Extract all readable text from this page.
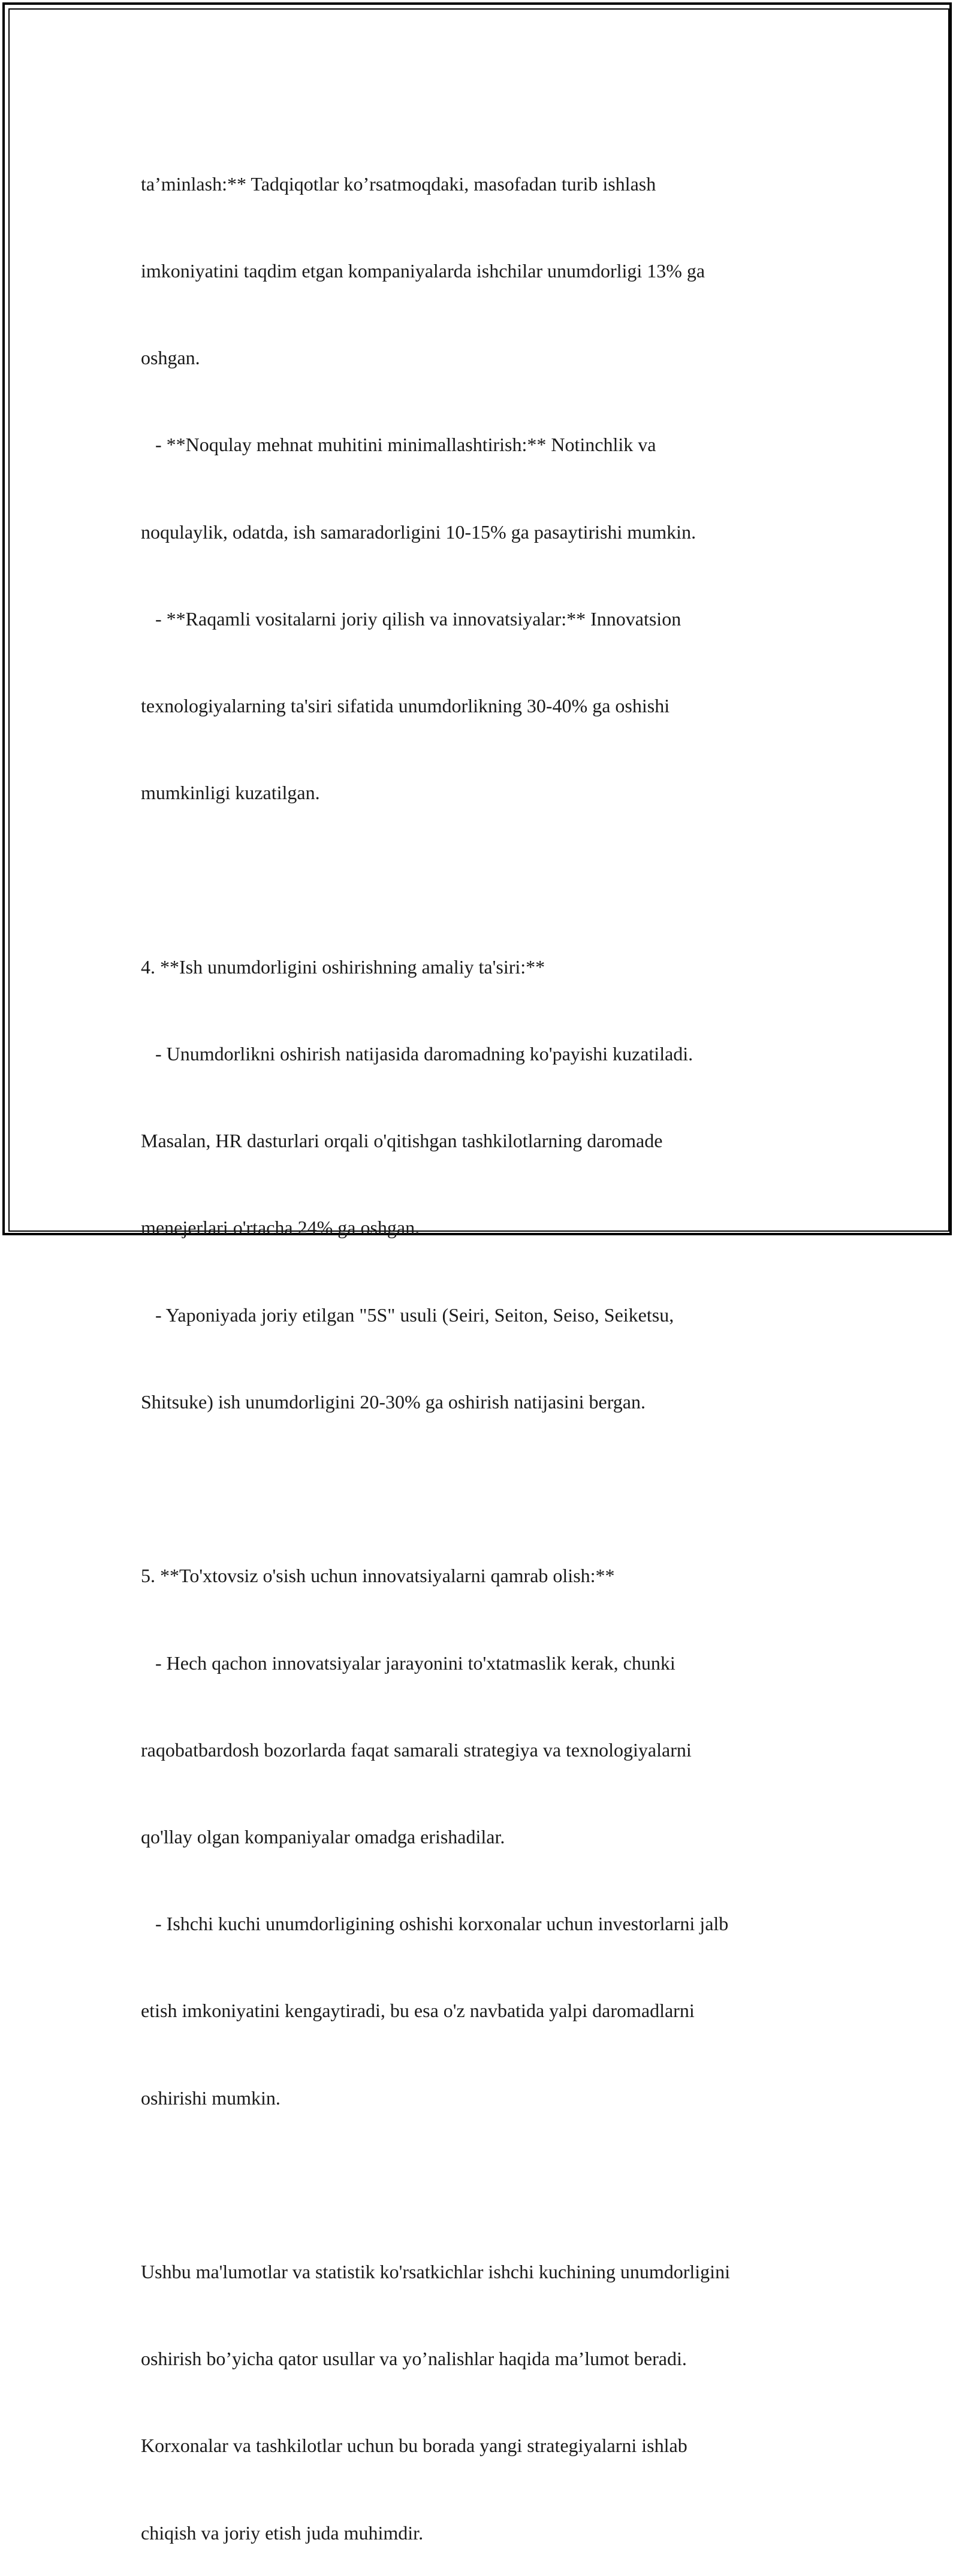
ta’minlash:** Tadqiqotlar ko’rsatmoqdaki, masofadan turib ishlash

imkoniyatini taqdim etgan kompaniyalarda ishchilar unumdorligi 13% ga

oshgan.

- **Noqulay mehnat muhitini minimallashtirish:** Notinchlik va

noqulaylik, odatda, ish samaradorligini 10-15% ga pasaytirishi mumkin.

- **Raqamli vositalarni joriy qilish va innovatsiyalar:** Innovatsion

texnologiyalarning ta'siri sifatida unumdorlikning 30-40% ga oshishi

mumkinligi kuzatilgan.

4. **Ish unumdorligini oshirishning amaliy ta'siri:**

- Unumdorlikni oshirish natijasida daromadning ko'payishi kuzatiladi.

Masalan, HR dasturlari orqali o'qitishgan tashkilotlarning daromade

menejerlari o'rtacha 24% ga oshgan.

- Yaponiyada joriy etilgan "5S" usuli (Seiri, Seiton, Seiso, Seiketsu,

Shitsuke) ish unumdorligini 20-30% ga oshirish natijasini bergan.

5. **To'xtovsiz o'sish uchun innovatsiyalarni qamrab olish:**

- Hech qachon innovatsiyalar jarayonini to'xtatmaslik kerak, chunki

raqobatbardosh bozorlarda faqat samarali strategiya va texnologiyalarni

qo'llay olgan kompaniyalar omadga erishadilar.

- Ishchi kuchi unumdorligining oshishi korxonalar uchun investorlarni jalb

etish imkoniyatini kengaytiradi, bu esa o'z navbatida yalpi daromadlarni

oshirishi mumkin.

Ushbu ma'lumotlar va statistik ko'rsatkichlar ishchi kuchining unumdorligini

oshirish bo’yicha qator usullar va yo’nalishlar haqida ma’lumot beradi.

Korxonalar va tashkilotlar uchun bu borada yangi strategiyalarni ishlab

chiqish va joriy etish juda muhimdir.
